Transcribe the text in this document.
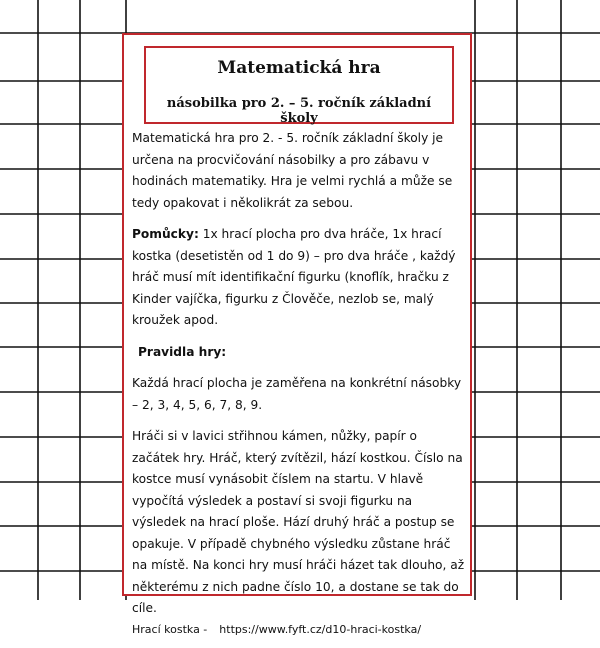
Matematická hra
násobilka pro 2. – 5. ročník základní školy

Matematická hra pro 2. - 5. ročník základní školy je určena na procvičování násobilky a pro zábavu v hodinách matematiky. Hra je velmi rychlá a může se tedy opakovat i několikrát za sebou.

Pomůcky: 1x hrací plocha pro dva hráče, 1x hrací kostka (desetistěn od 1 do 9) – pro dva hráče , každý hráč musí mít identifikační figurku (knoflík, hračku z Kinder vajíčka, figurku z Člověče, nezlob se, malý kroužek apod.

Pravidla hry:

Každá hrací plocha je zaměřena na konkrétní násobky – 2, 3, 4, 5, 6, 7, 8, 9.

Hráči si v lavici střihnou kámen, nůžky, papír o začátek hry. Hráč, který zvítězil, hází kostkou. Číslo na kostce musí vynásobit číslem na startu. V hlavě vypočítá výsledek a postaví si svoji figurku na výsledek na hrací ploše. Hází druhý hráč a postup se opakuje. V případě chybného výsledku zůstane hráč na místě. Na konci hry musí hráči házet tak dlouho, až některému z nich padne číslo 10, a dostane se tak do cíle.

Hrací kostka - https://www.fyft.cz/d10-hraci-kostka/
